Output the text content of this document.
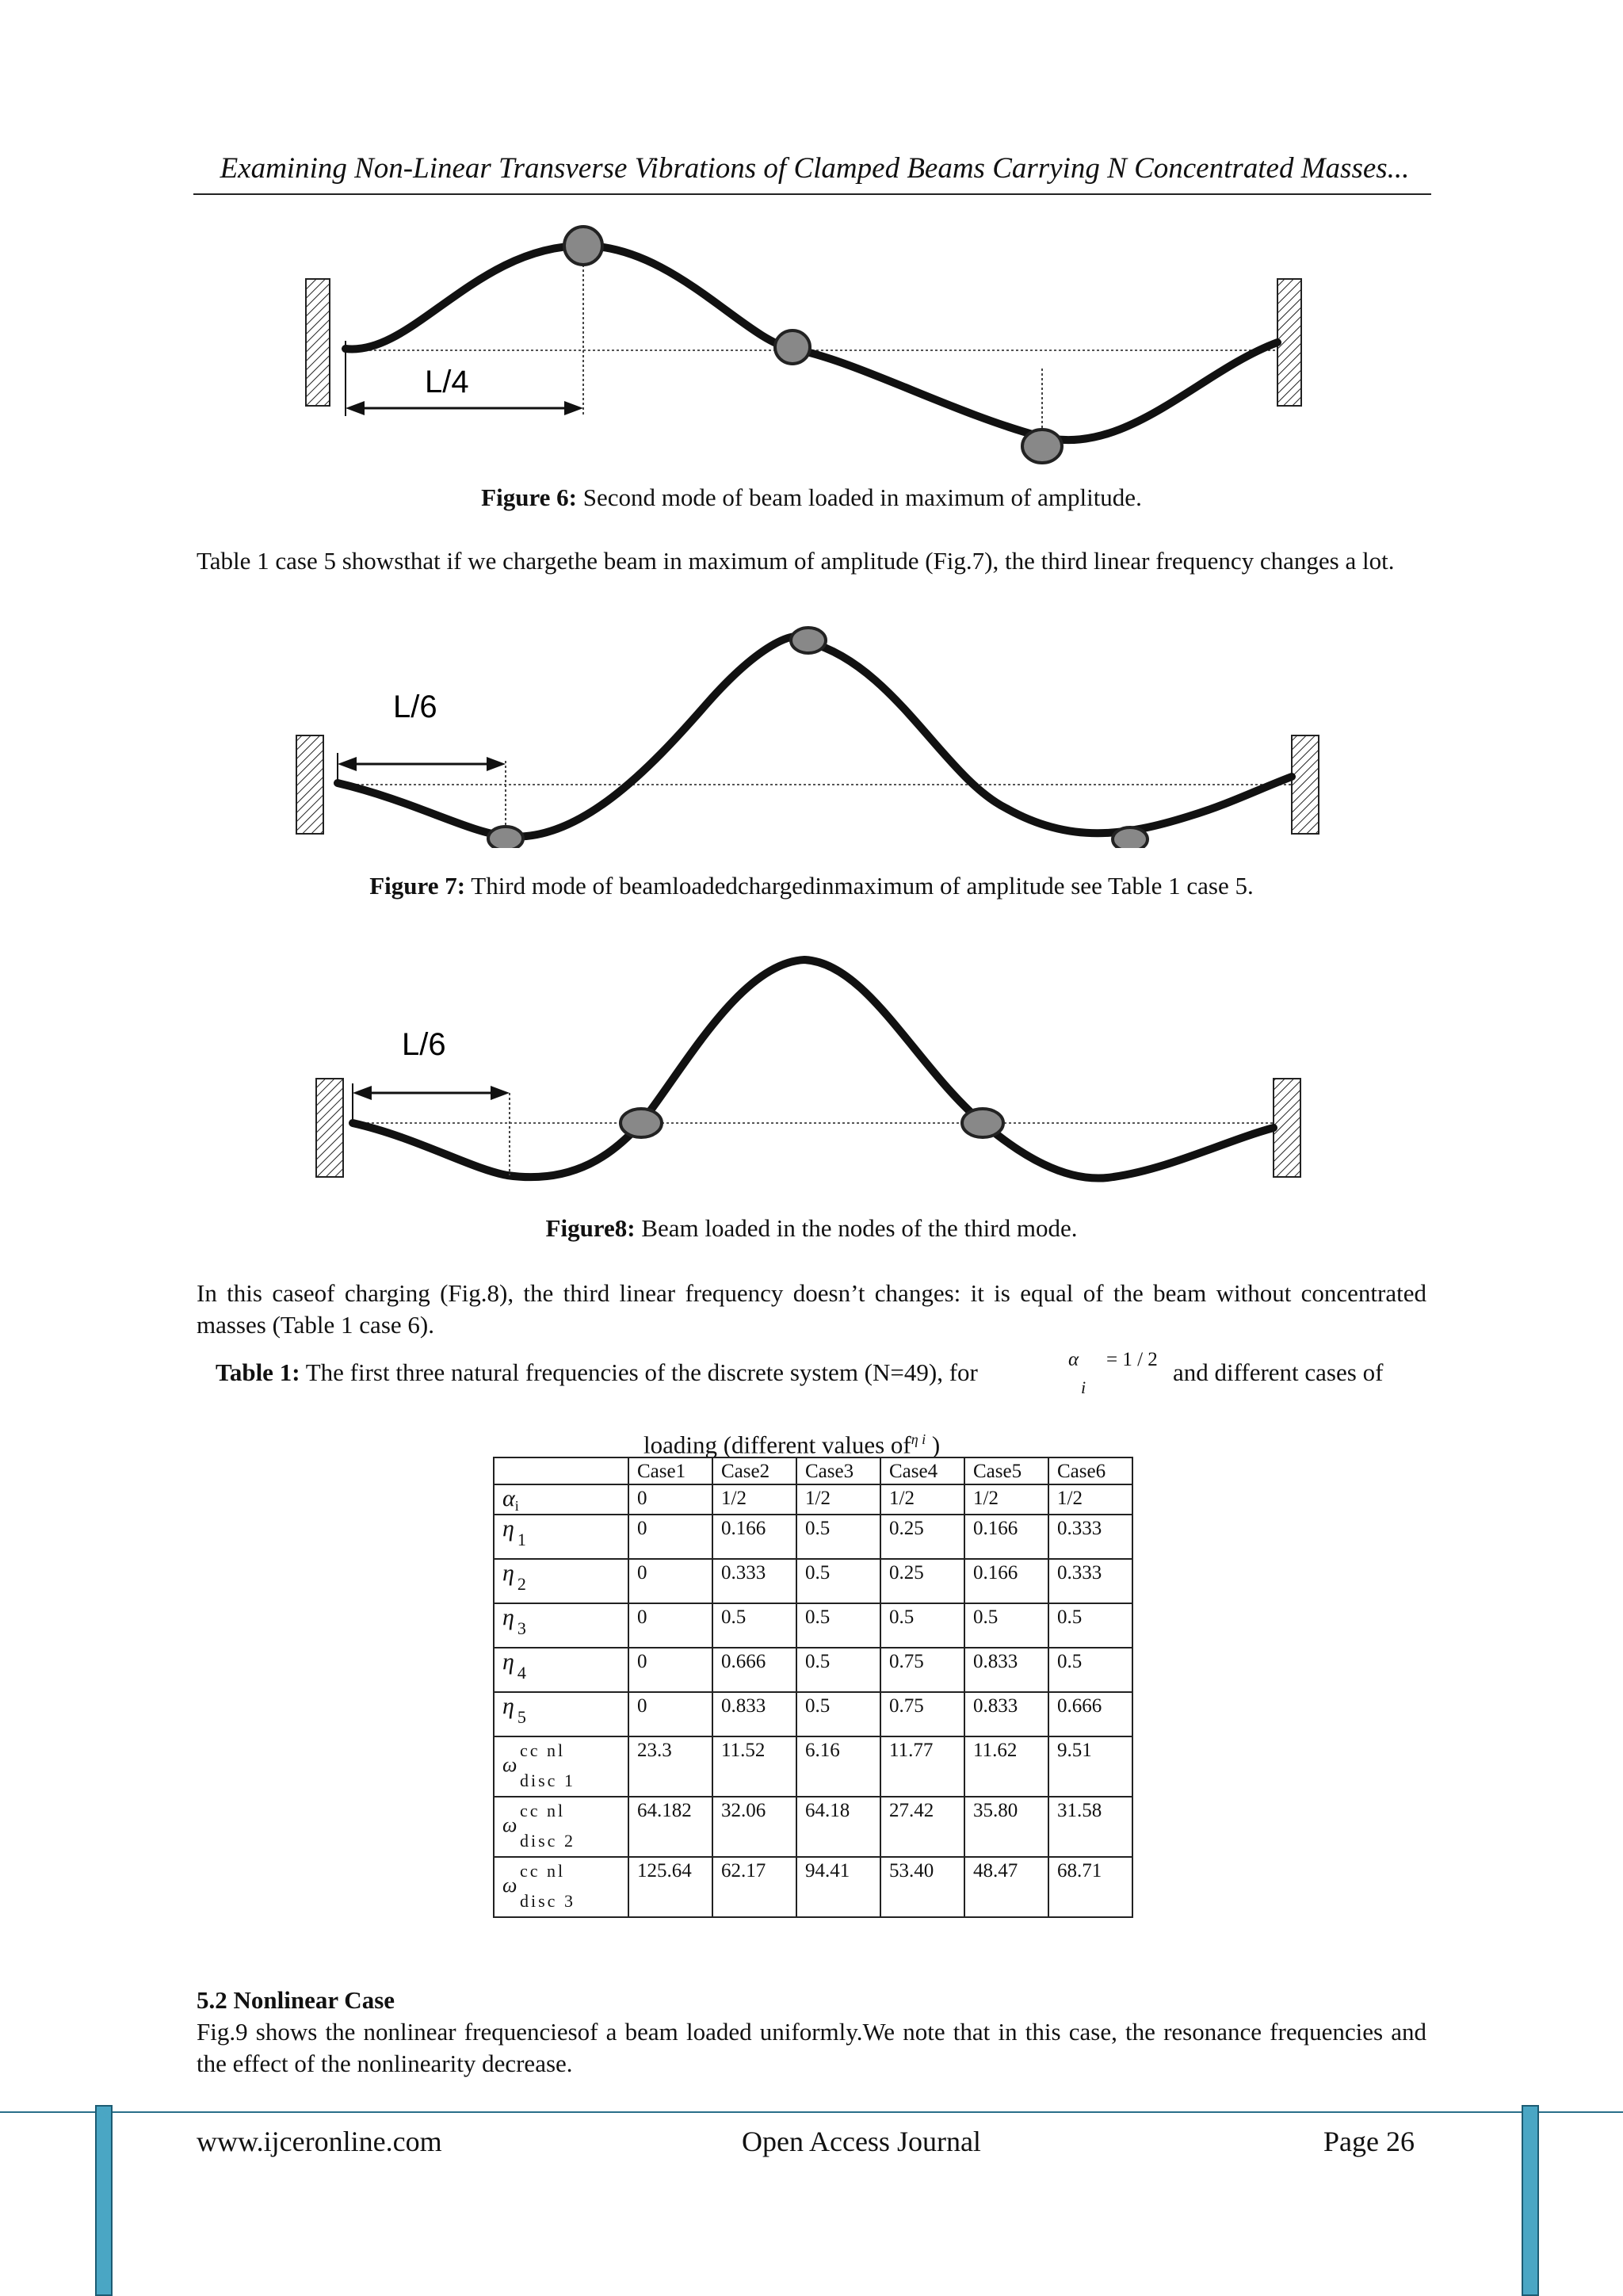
Examining Non-Linear Transverse Vibrations of Clamped Beams Carrying N Concentrated Masses...
L/4
Figure 6: Second mode of beam loaded in maximum of amplitude.
Table 1 case 5 showsthat if we chargethe beam in maximum of amplitude (Fig.7), the third linear frequency changes a lot.
L/6
Figure 7: Third mode of beamloadedchargedinmaximum of amplitude see Table 1 case 5.
L/6
Figure8: Beam loaded in the nodes of the third mode.
In this caseof charging (Fig.8), the third linear frequency doesn’t changes: it is equal of the beam without concentrated masses (Table 1 case 6).
Table 1: The first three natural frequencies of the discrete system (N=49), for	and different cases of
α = 1 / 2
i
loading (different values $of^{\eta i}$ )
	Case1	Case2	Case3	Case4	Case5	Case6
$\alpha_i$	0	1/2	1/2	1/2	1/2	1/2
η 1	0	0.166	0.5	0.25	0.166	0.333
η 2	0	0.333	0.5	0.25	0.166	0.333
η 3	0	0.5	0.5	0.5	0.5	0.5
η 4	0	0.666	0.5	0.75	0.833	0.5
η 5	0	0.833	0.5	0.75	0.833	0.666

cc nl
ω
disc 1	23.3	11.52	6.16	11.77	11.62	9.51

cc nl
ω
disc 2	64.182	32.06	64.18	27.42	35.80	31.58

cc nl
ω
disc 3	125.64	62.17	94.41	53.40	48.47	68.71
5.2 Nonlinear Case
Fig.9 shows the nonlinear frequenciesof a beam loaded uniformly.We note that in this case, the resonance frequencies and the effect of the nonlinearity decrease.
www.ijceronline.com	Open Access Journal	Page 26
